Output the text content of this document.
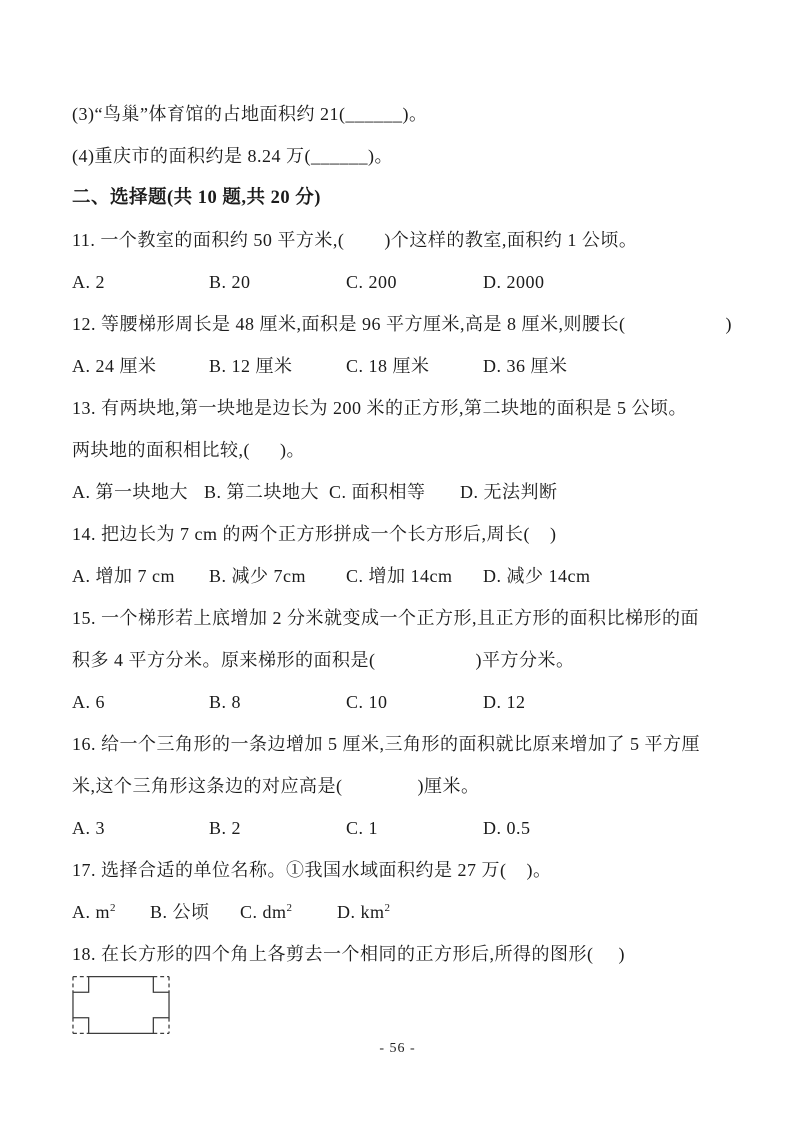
(3)“鸟巢”体育馆的占地面积约 21(______)。

(4)重庆市的面积约是 8.24 万(______)。

二、选择题(共 10 题,共 20 分)

11. 一个教室的面积约 50 平方米,(        )个这样的教室,面积约 1 公顷。

A. 2	B. 20	C. 200	D. 2000

12. 等腰梯形周长是 48 厘米,面积是 96 平方厘米,高是 8 厘米,则腰长(                    )

A. 24 厘米	B. 12 厘米	C. 18 厘米	D. 36 厘米

13. 有两块地,第一块地是边长为 200 米的正方形,第二块地的面积是 5 公顷。

两块地的面积相比较,(      )。

A. 第一块地大 B. 第二块地大 C. 面积相等 D. 无法判断

14. 把边长为 7 cm 的两个正方形拼成一个长方形后,周长(    )

A. 增加 7 cm B. 减少 7cm C. 增加 14cm D. 减少 14cm

15. 一个梯形若上底增加 2 分米就变成一个正方形,且正方形的面积比梯形的面

积多 4 平方分米。原来梯形的面积是(                    )平方分米。

A. 6	B. 8	C. 10	D. 12

16. 给一个三角形的一条边增加 5 厘米,三角形的面积就比原来增加了 5 平方厘

米,这个三角形这条边的对应高是(               )厘米。

A. 3	B. 2	C. 1	D. 0.5

17. 选择合适的单位名称。①我国水域面积约是 27 万(    )。

A. $m^2$ B. 公顷 C. $dm^2$ D. $km^2$

18. 在长方形的四个角上各剪去一个相同的正方形后,所得的图形(     )

- 56 -
